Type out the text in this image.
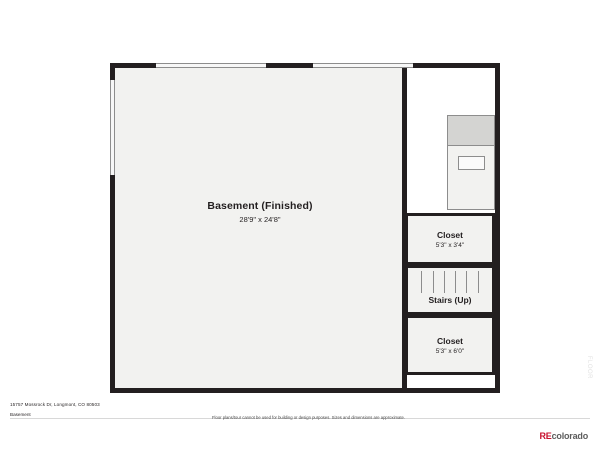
Basement (Finished)
28'9" x 24'8"
Closet
5'3" x 3'4"
Stairs (Up)
Closet
5'3" x 6'0"
FLOOR
15757 Mossrock Dr, Longmont, CO 80503
Basement
Floor plans/tour cannot be used for building or design purposes. Sizes and dimensions are approximate.
REcolorado
